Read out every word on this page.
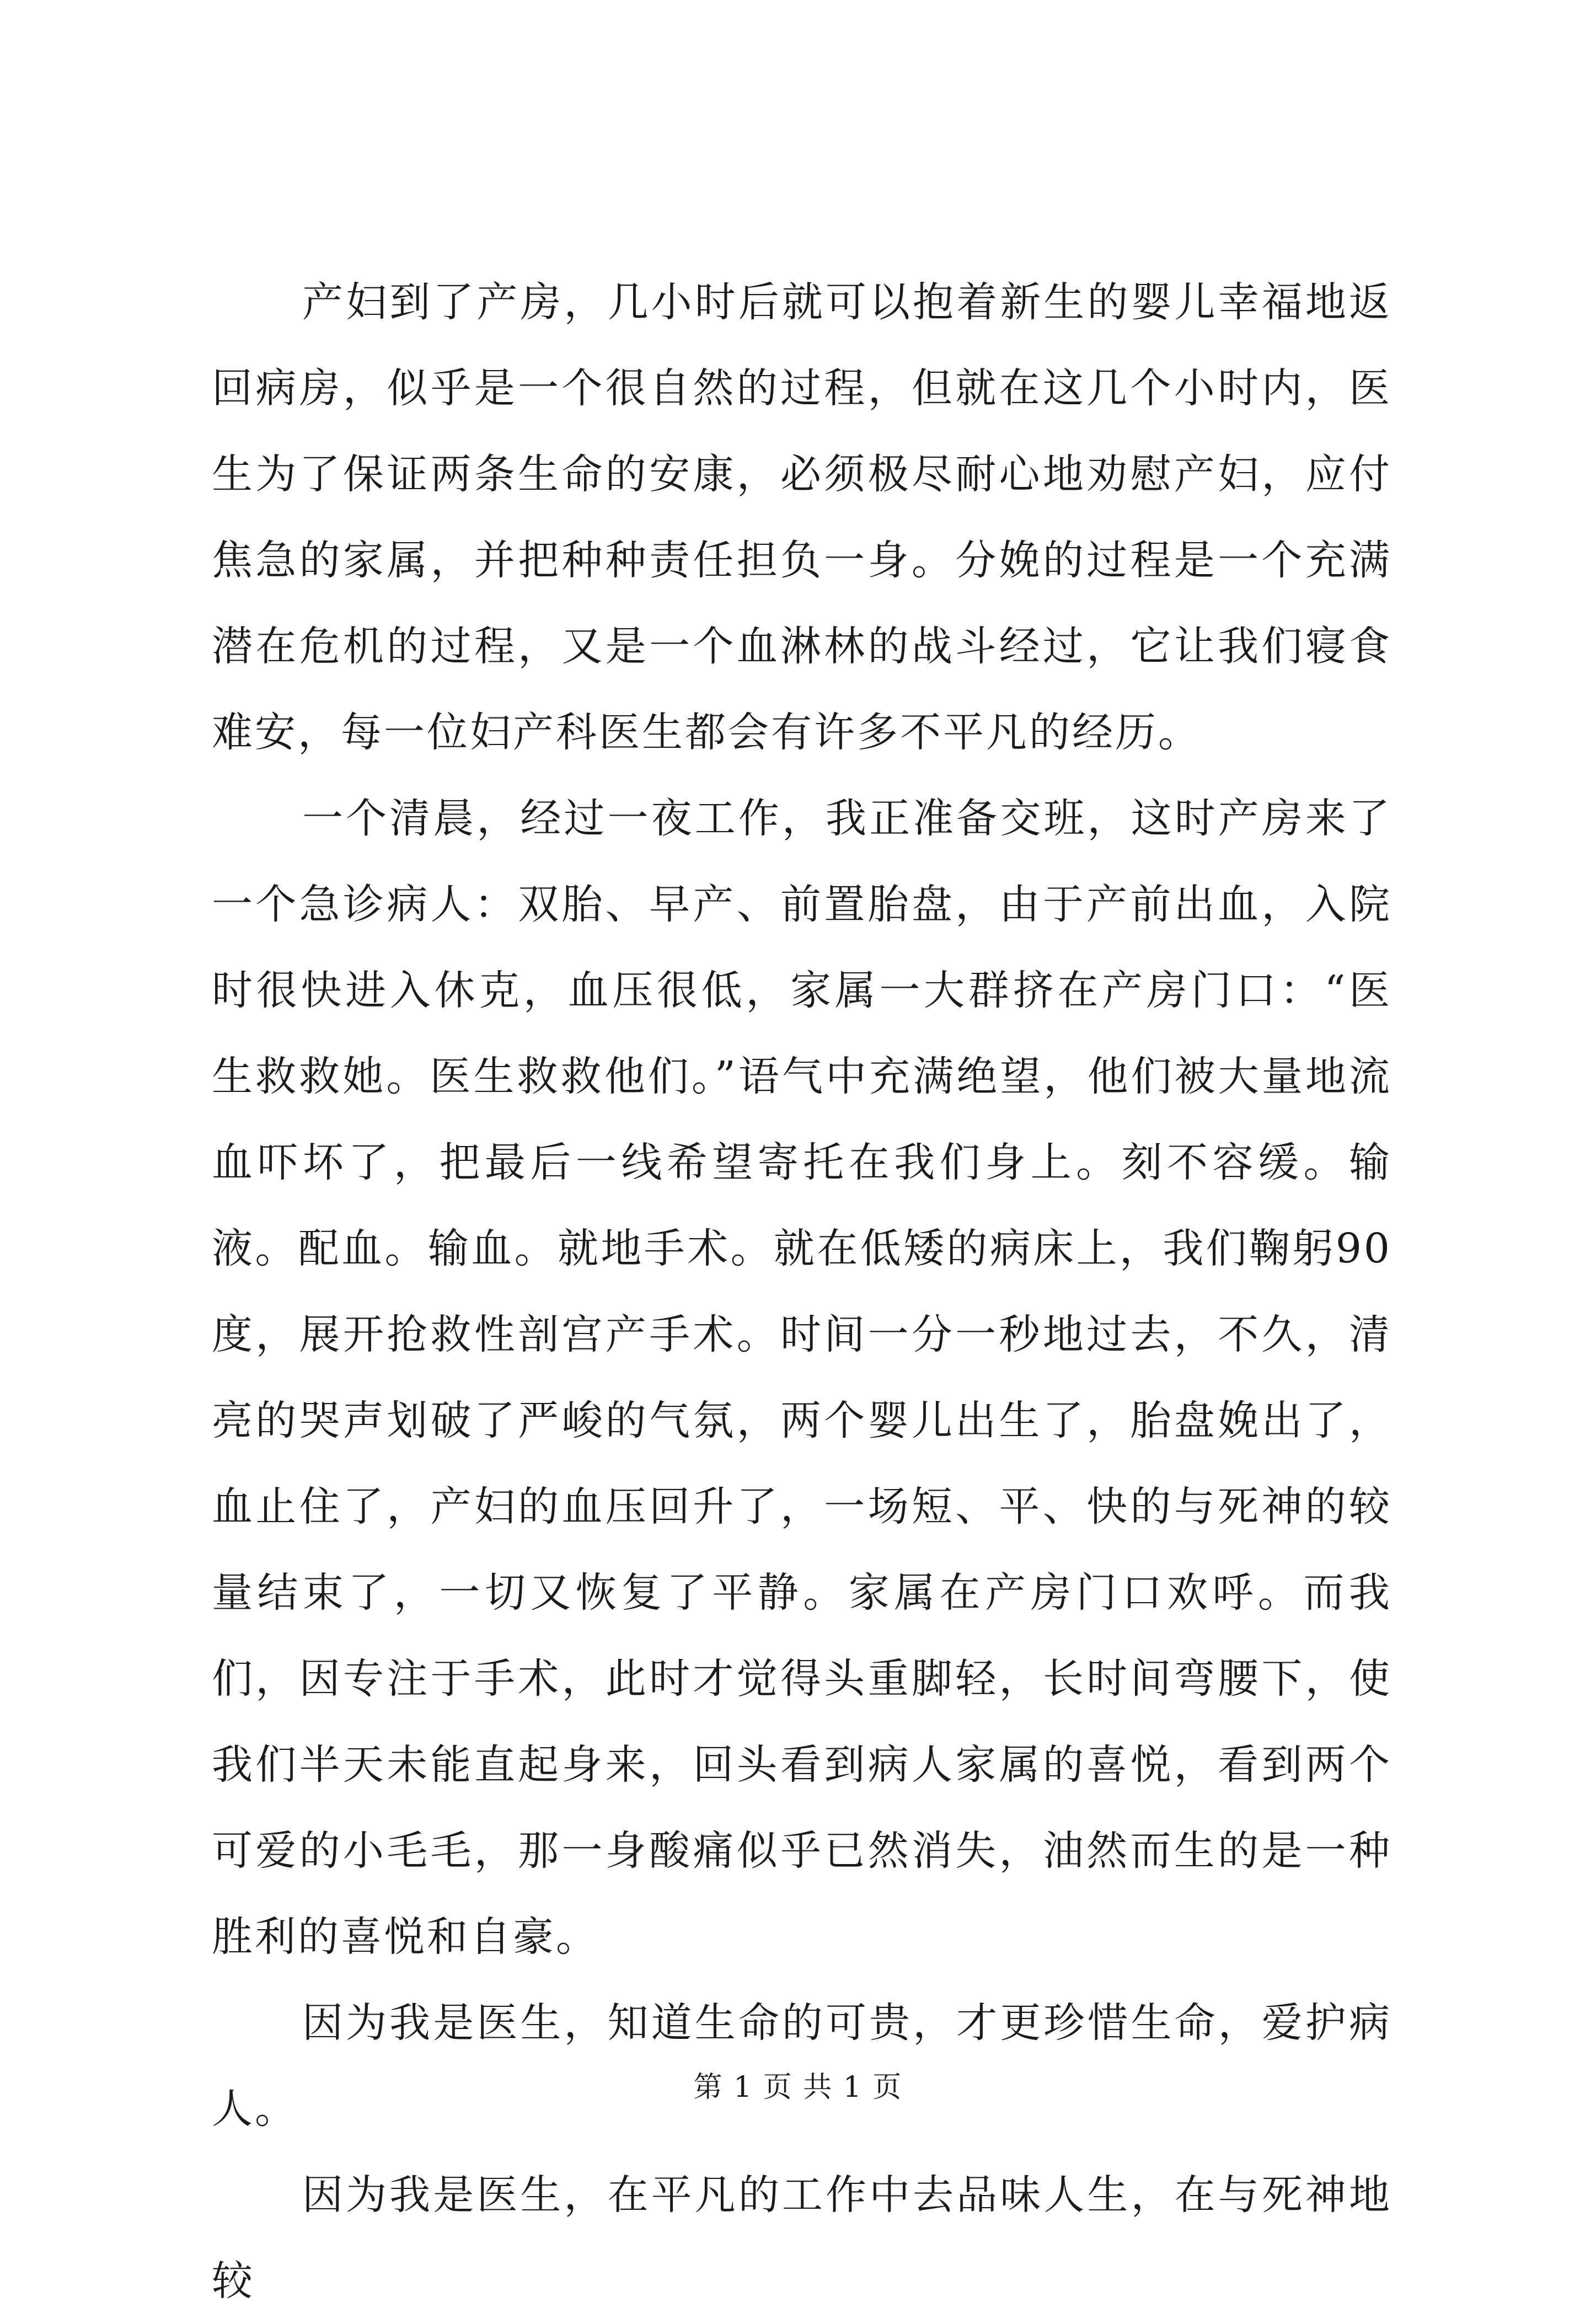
产妇到了产房，几小时后就可以抱着新生的婴儿幸福地返回病房，似乎是一个很自然的过程，但就在这几个小时内，医生为了保证两条生命的安康，必须极尽耐心地劝慰产妇，应付焦急的家属，并把种种责任担负一身。分娩的过程是一个充满潜在危机的过程，又是一个血淋林的战斗经过，它让我们寝食难安，每一位妇产科医生都会有许多不平凡的经历。

一个清晨，经过一夜工作，我正准备交班，这时产房来了一个急诊病人：双胎、早产、前置胎盘，由于产前出血，入院时很快进入休克，血压很低，家属一大群挤在产房门口：“医生救救她。医生救救他们。”语气中充满绝望，他们被大量地流血吓坏了，把最后一线希望寄托在我们身上。刻不容缓。输液。配血。输血。就地手术。就在低矮的病床上，我们鞠躬90度，展开抢救性剖宫产手术。时间一分一秒地过去，不久，清亮的哭声划破了严峻的气氛，两个婴儿出生了，胎盘娩出了，血止住了，产妇的血压回升了，一场短、平、快的与死神的较量结束了，一切又恢复了平静。家属在产房门口欢呼。而我们，因专注于手术，此时才觉得头重脚轻，长时间弯腰下，使我们半天未能直起身来，回头看到病人家属的喜悦，看到两个可爱的小毛毛，那一身酸痛似乎已然消失，油然而生的是一种胜利的喜悦和自豪。

因为我是医生，知道生命的可贵，才更珍惜生命，爱护病人。

因为我是医生，在平凡的工作中去品味人生，在与死神地较

第 1 页 共 1 页
